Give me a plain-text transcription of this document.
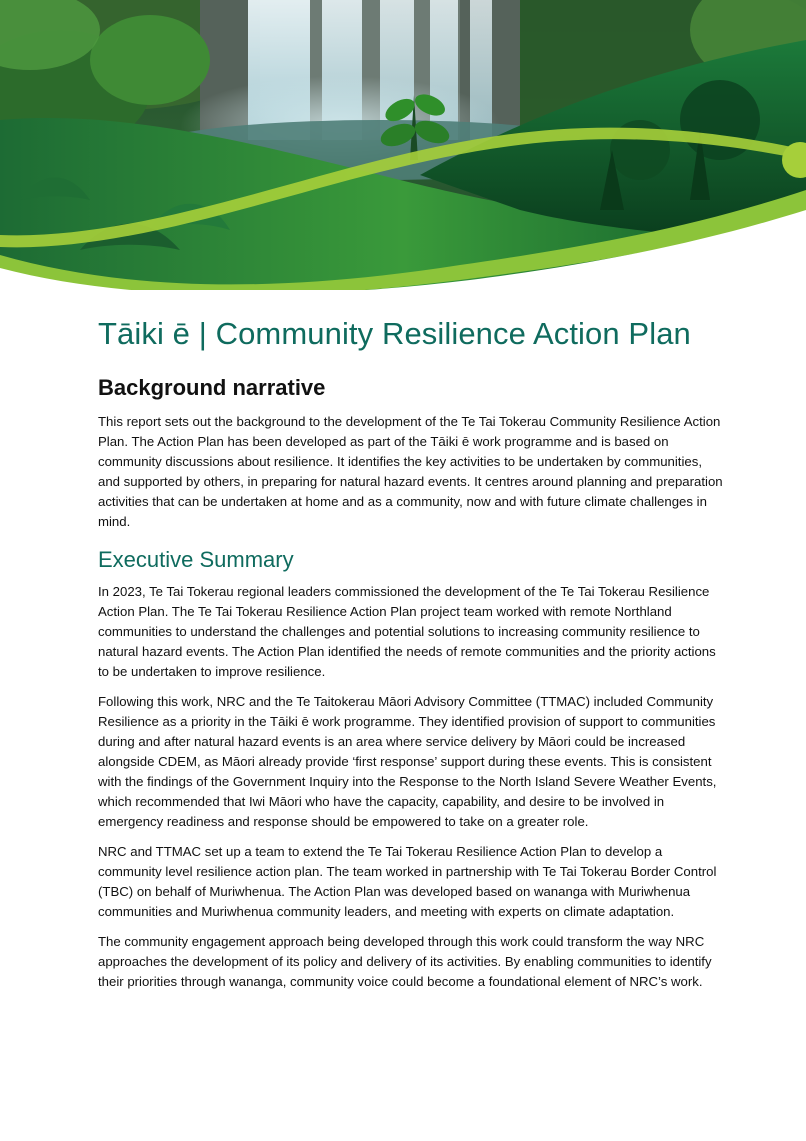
Tāiki ē | Community Resilience Action Plan
Background narrative

This report sets out the background to the development of the Te Tai Tokerau Community Resilience Action Plan. The Action Plan has been developed as part of the Tāiki ē work programme and is based on community discussions about resilience. It identifies the key activities to be undertaken by communities, and supported by others, in preparing for natural hazard events. It centres around planning and preparation activities that can be undertaken at home and as a community, now and with future climate challenges in mind.

Executive Summary

In 2023, Te Tai Tokerau regional leaders commissioned the development of the Te Tai Tokerau Resilience Action Plan. The Te Tai Tokerau Resilience Action Plan project team worked with remote Northland communities to understand the challenges and potential solutions to increasing community resilience to natural hazard events. The Action Plan identified the needs of remote communities and the priority actions to be undertaken to improve resilience.

Following this work, NRC and the Te Taitokerau Māori Advisory Committee (TTMAC) included Community Resilience as a priority in the Tāiki ē work programme. They identified provision of support to communities during and after natural hazard events is an area where service delivery by Māori could be increased alongside CDEM, as Māori already provide ‘first response’ support during these events. This is consistent with the findings of the Government Inquiry into the Response to the North Island Severe Weather Events, which recommended that Iwi Māori who have the capacity, capability, and desire to be involved in emergency readiness and response should be empowered to take on a greater role.

NRC and TTMAC set up a team to extend the Te Tai Tokerau Resilience Action Plan to develop a community level resilience action plan. The team worked in partnership with Te Tai Tokerau Border Control (TBC) on behalf of Muriwhenua. The Action Plan was developed based on wananga with Muriwhenua communities and Muriwhenua community leaders, and meeting with experts on climate adaptation.

The community engagement approach being developed through this work could transform the way NRC approaches the development of its policy and delivery of its activities. By enabling communities to identify their priorities through wananga, community voice could become a foundational element of NRC’s work.
